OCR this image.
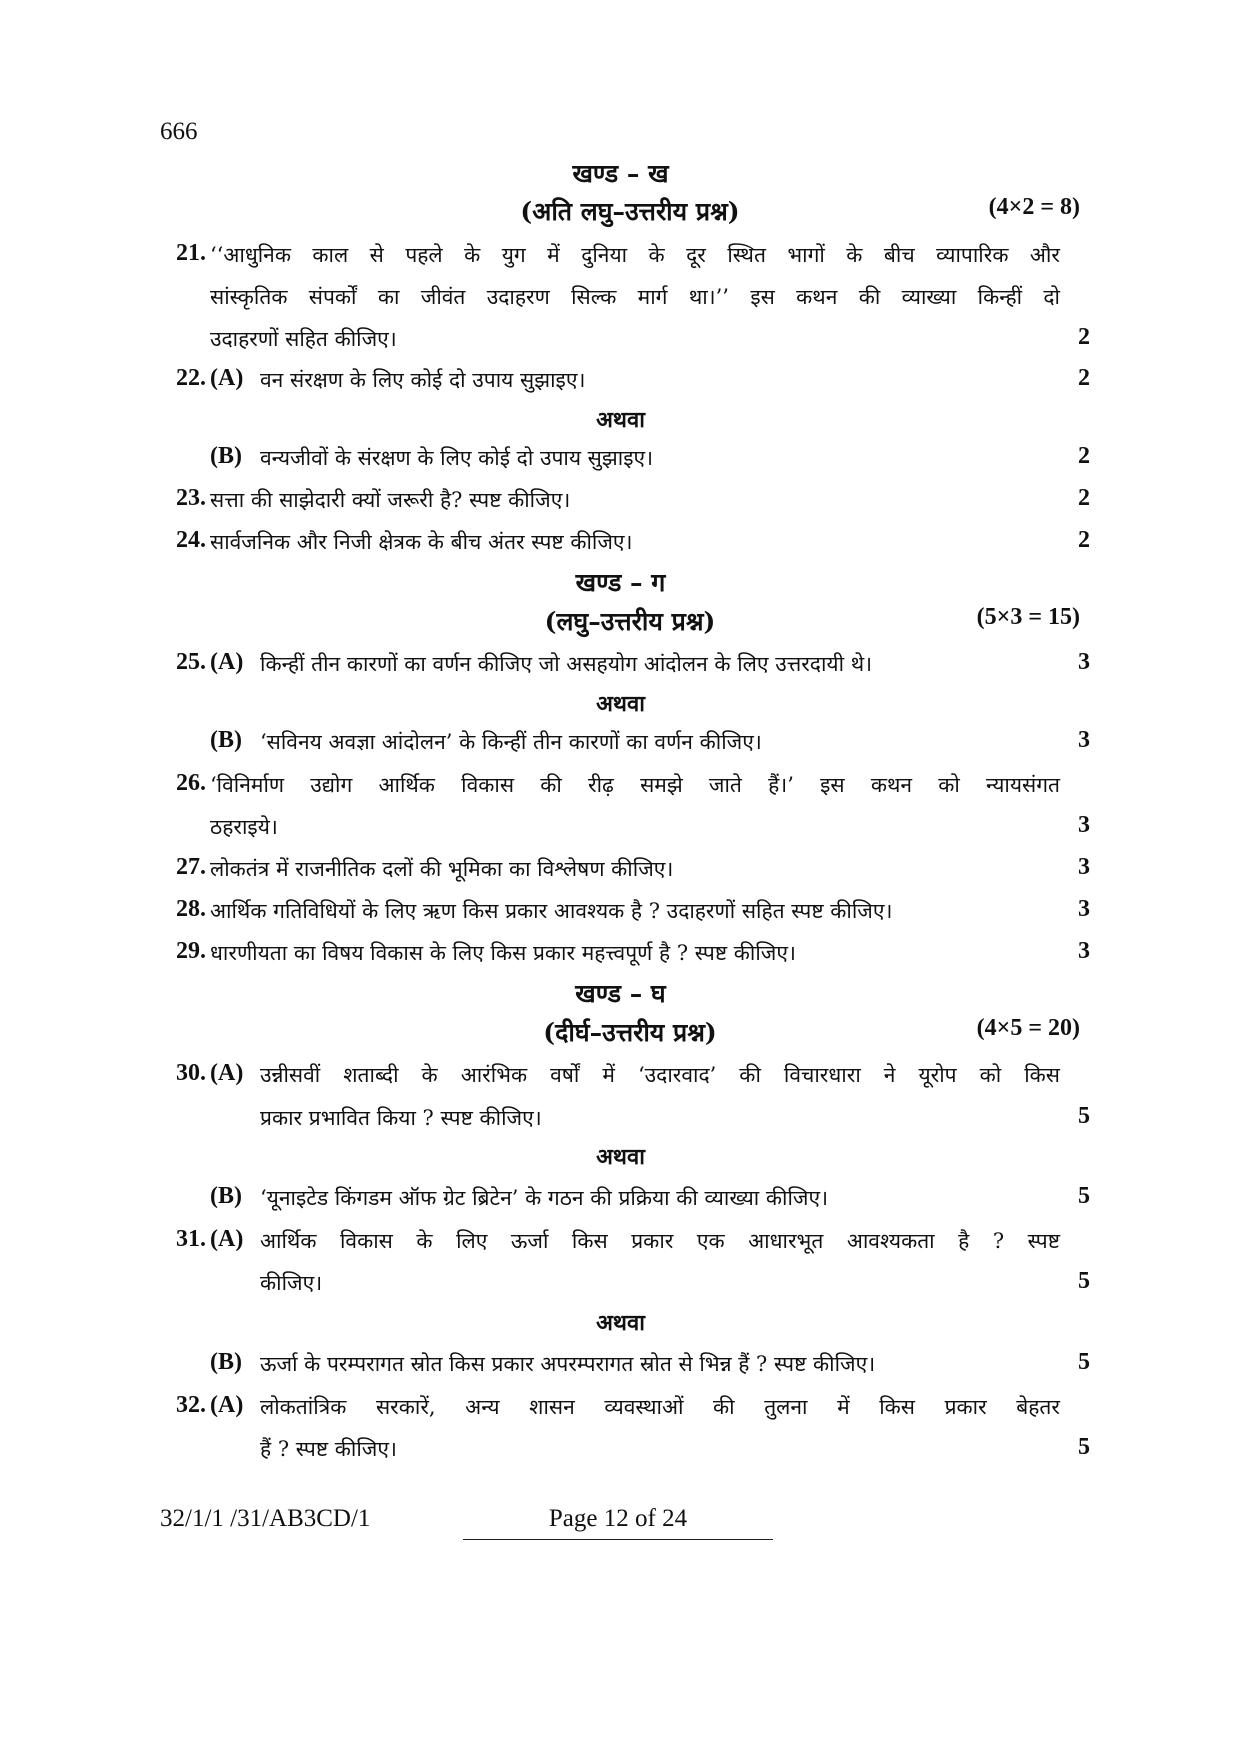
666
खण्ड – ख
(अति लघु–उत्तरीय प्रश्न)	(4×2 = 8)
21. ‘‘आधुनिक काल से पहले के युग में दुनिया के दूर स्थित भागों के बीच व्यापारिक और
सांस्कृतिक संपर्कों का जीवंत उदाहरण सिल्क मार्ग था।’’ इस कथन की व्याख्या किन्हीं दो
उदाहरणों सहित कीजिए।	2
22. (A) वन संरक्षण के लिए कोई दो उपाय सुझाइए।	2
अथवा
(B) वन्यजीवों के संरक्षण के लिए कोई दो उपाय सुझाइए।	2
23. सत्ता की साझेदारी क्यों जरूरी है? स्पष्ट कीजिए।	2
24. सार्वजनिक और निजी क्षेत्रक के बीच अंतर स्पष्ट कीजिए।	2
खण्ड – ग
(लघु–उत्तरीय प्रश्न)	(5×3 = 15)
25. (A) किन्हीं तीन कारणों का वर्णन कीजिए जो असहयोग आंदोलन के लिए उत्तरदायी थे।	3
अथवा
(B) ‘सविनय अवज्ञा आंदोलन’ के किन्हीं तीन कारणों का वर्णन कीजिए।	3
26. ‘विनिर्माण उद्योग आर्थिक विकास की रीढ़ समझे जाते हैं।’ इस कथन को न्यायसंगत
ठहराइये।	3
27. लोकतंत्र में राजनीतिक दलों की भूमिका का विश्लेषण कीजिए।	3
28. आर्थिक गतिविधियों के लिए ऋण किस प्रकार आवश्यक है ? उदाहरणों सहित स्पष्ट कीजिए।	3
29. धारणीयता का विषय विकास के लिए किस प्रकार महत्त्वपूर्ण है ? स्पष्ट कीजिए।	3
खण्ड – घ
(दीर्घ–उत्तरीय प्रश्न)	(4×5 = 20)
30. (A) उन्नीसवीं शताब्दी के आरंभिक वर्षों में ‘उदारवाद’ की विचारधारा ने यूरोप को किस
प्रकार प्रभावित किया ? स्पष्ट कीजिए।	5
अथवा
(B) ‘यूनाइटेड किंगडम ऑफ ग्रेट ब्रिटेन’ के गठन की प्रक्रिया की व्याख्या कीजिए।	5
31. (A) आर्थिक विकास के लिए ऊर्जा किस प्रकार एक आधारभूत आवश्यकता है ? स्पष्ट
कीजिए।	5
अथवा
(B) ऊर्जा के परम्परागत स्रोत किस प्रकार अपरम्परागत स्रोत से भिन्न हैं ? स्पष्ट कीजिए।	5
32. (A) लोकतांत्रिक सरकारें, अन्य शासन व्यवस्थाओं की तुलना में किस प्रकार बेहतर
हैं ? स्पष्ट कीजिए।	5
32/1/1 /31/AB3CD/1	Page 12 of 24
